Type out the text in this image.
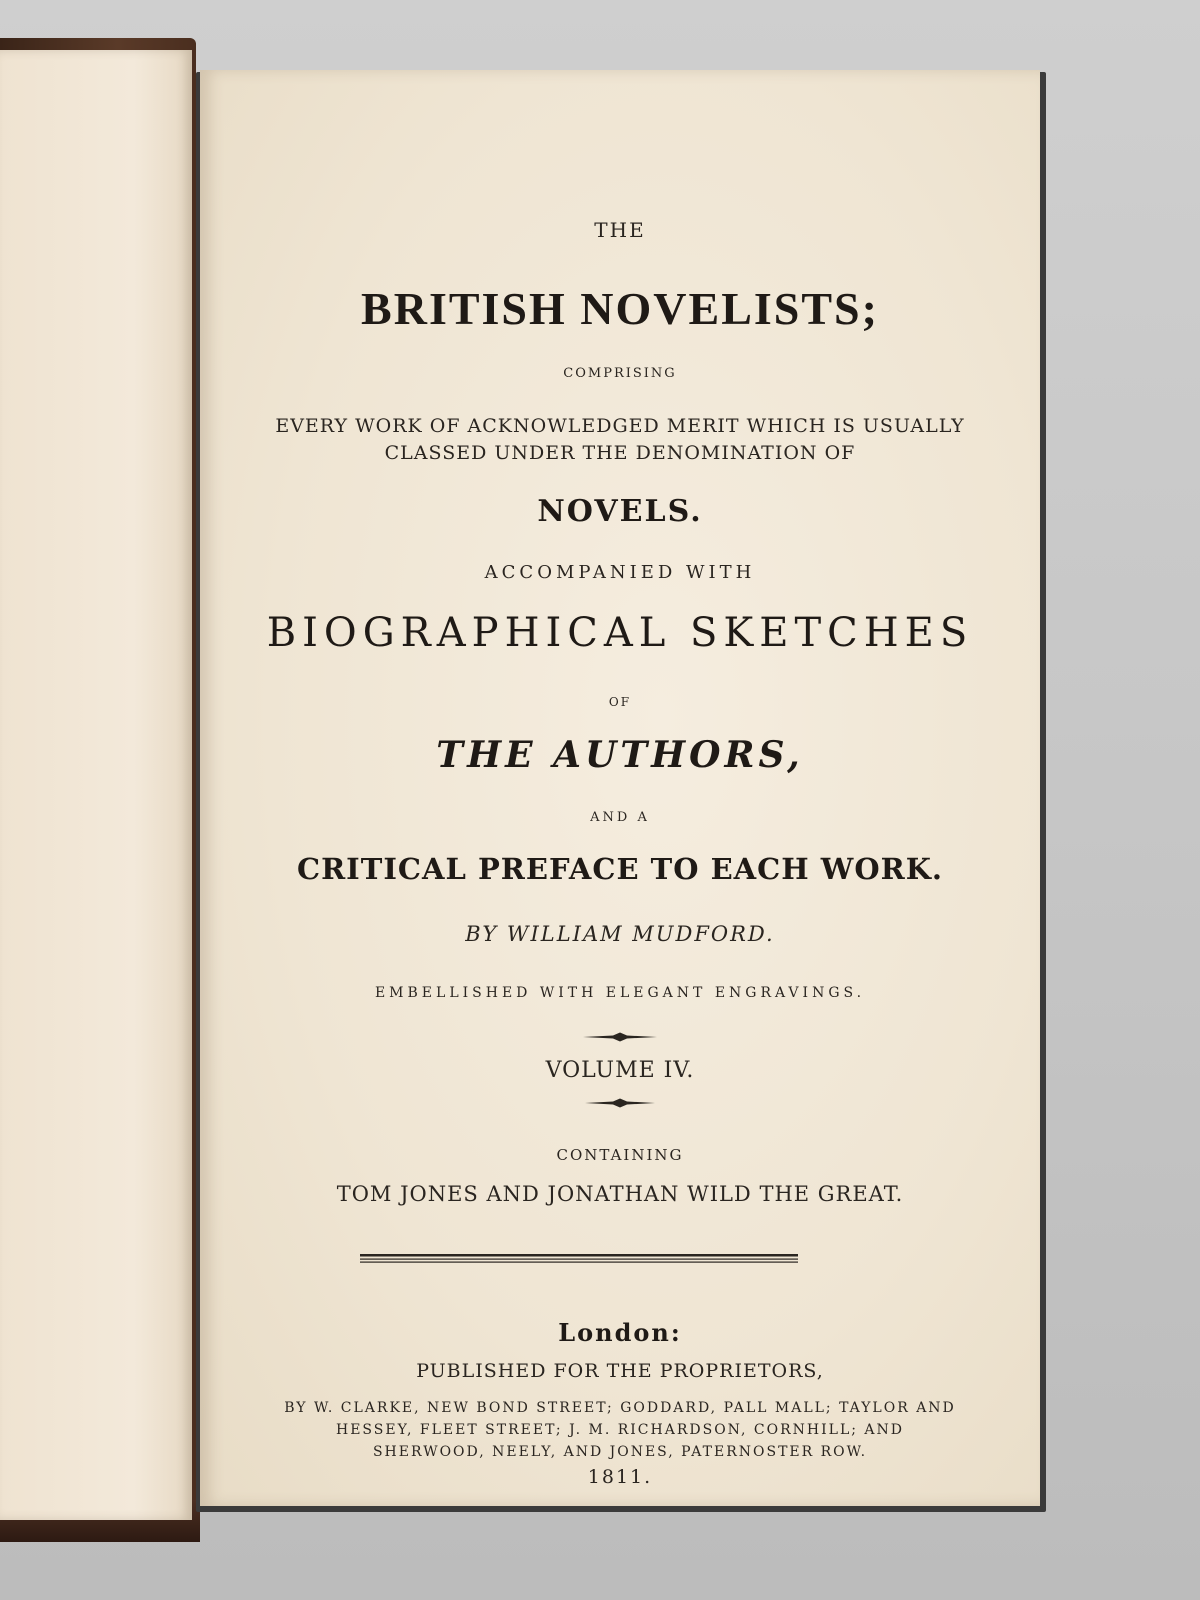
THE
BRITISH NOVELISTS;
COMPRISING
EVERY WORK OF ACKNOWLEDGED MERIT WHICH IS USUALLY
CLASSED UNDER THE DENOMINATION OF
NOVELS.
ACCOMPANIED WITH
BIOGRAPHICAL SKETCHES
OF
THE AUTHORS,
AND A
CRITICAL PREFACE TO EACH WORK.
BY WILLIAM MUDFORD.
EMBELLISHED WITH ELEGANT ENGRAVINGS.
VOLUME IV.
CONTAINING
TOM JONES AND JONATHAN WILD THE GREAT.
London:
PUBLISHED FOR THE PROPRIETORS,
BY W. CLARKE, NEW BOND STREET; GODDARD, PALL MALL; TAYLOR AND
HESSEY, FLEET STREET; J. M. RICHARDSON, CORNHILL; AND
SHERWOOD, NEELY, AND JONES, PATERNOSTER ROW.
1811.
